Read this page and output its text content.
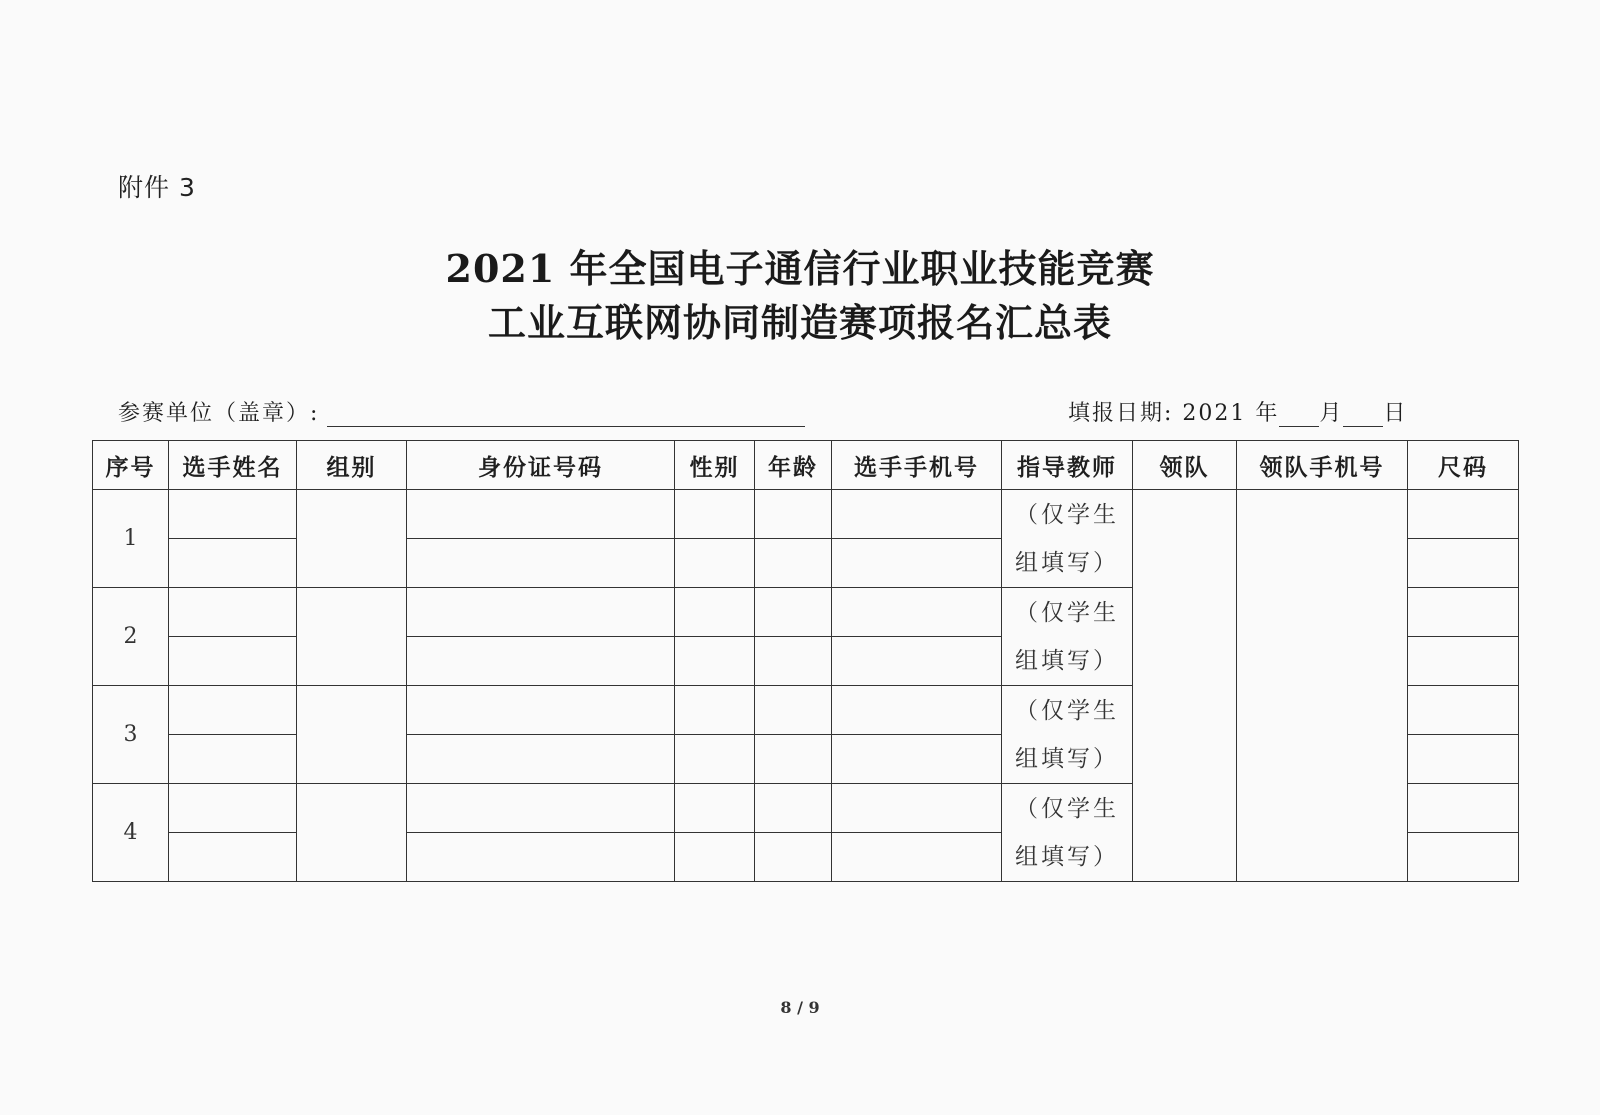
附件 3
2021 年全国电子通信行业职业技能竞赛
工业互联网协同制造赛项报名汇总表
参赛单位（盖章）:	填报日期: 2021 年 月 日
序号	选手姓名	组别	身份证号码	性别	年龄	选手手机号	指导教师	领队	领队手机号	尺码
1							（仅学生
组填写）			

2							（仅学生
组填写）			

3							（仅学生
组填写）			

4							（仅学生
组填写）			

8 / 9
